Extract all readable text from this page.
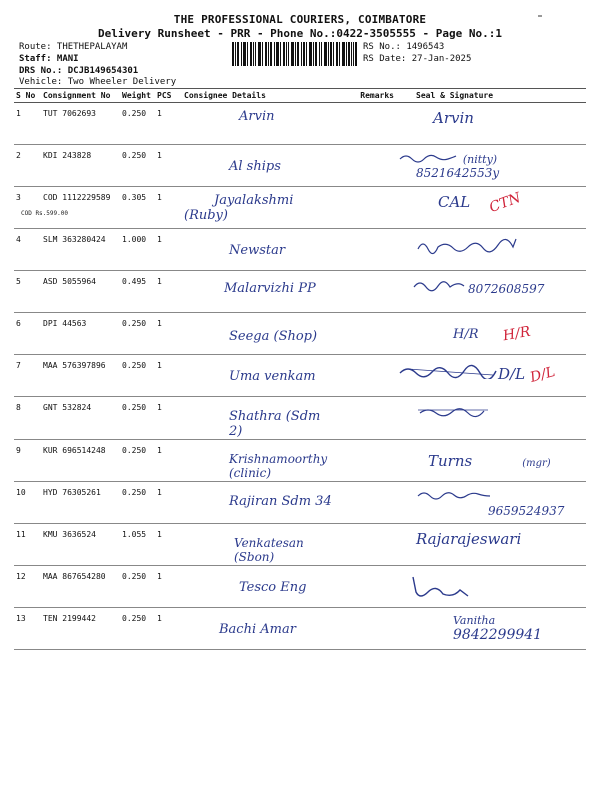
THE PROFESSIONAL COURIERS, COIMBATORE
Delivery Runsheet - PRR - Phone No.:0422-3505555 - Page No.:1
Route: THETHEPALAYAM
Staff: MANI
DRS No.: DCJB149654301
Vehicle: Two Wheeler Delivery
RS No.: 1496543
RS Date: 27-Jan-2025
S No	Consignment No	Weight	PCS	Consignee Details	Remarks	Seal & Signature
1	TUT 7062693	0.250	1	Arvin		Arvin
2	KDI 243828	0.250	1	Al ships		(nitty)
8521642553y
3	COD 1112229589
COD Rs.599.00	0.305	1	Jayalakshmi (Ruby)		CAL CTN
4	SLM 363280424	1.000	1	Newstar		
5	ASD 5055964	0.495	1	Malarvizhi PP		8072608597
6	DPI 44563	0.250	1	Seega (Shop)		H/R H/R
7	MAA 576397896	0.250	1	Uma venkam		D/L D/L
8	GNT 532824	0.250	1	Shathra (Sdm 2)		
9	KUR 696514248	0.250	1	Krishnamoorthy (clinic)		Turns (mgr)
10	HYD 76305261	0.250	1	Rajiran Sdm 34		9659524937
11	KMU 3636524	1.055	1	Venkatesan (Sbon)		Rajarajeswari
12	MAA 867654280	0.250	1	Tesco Eng		
13	TEN 2199442	0.250	1	Bachi Amar		Vanitha
9842299941
